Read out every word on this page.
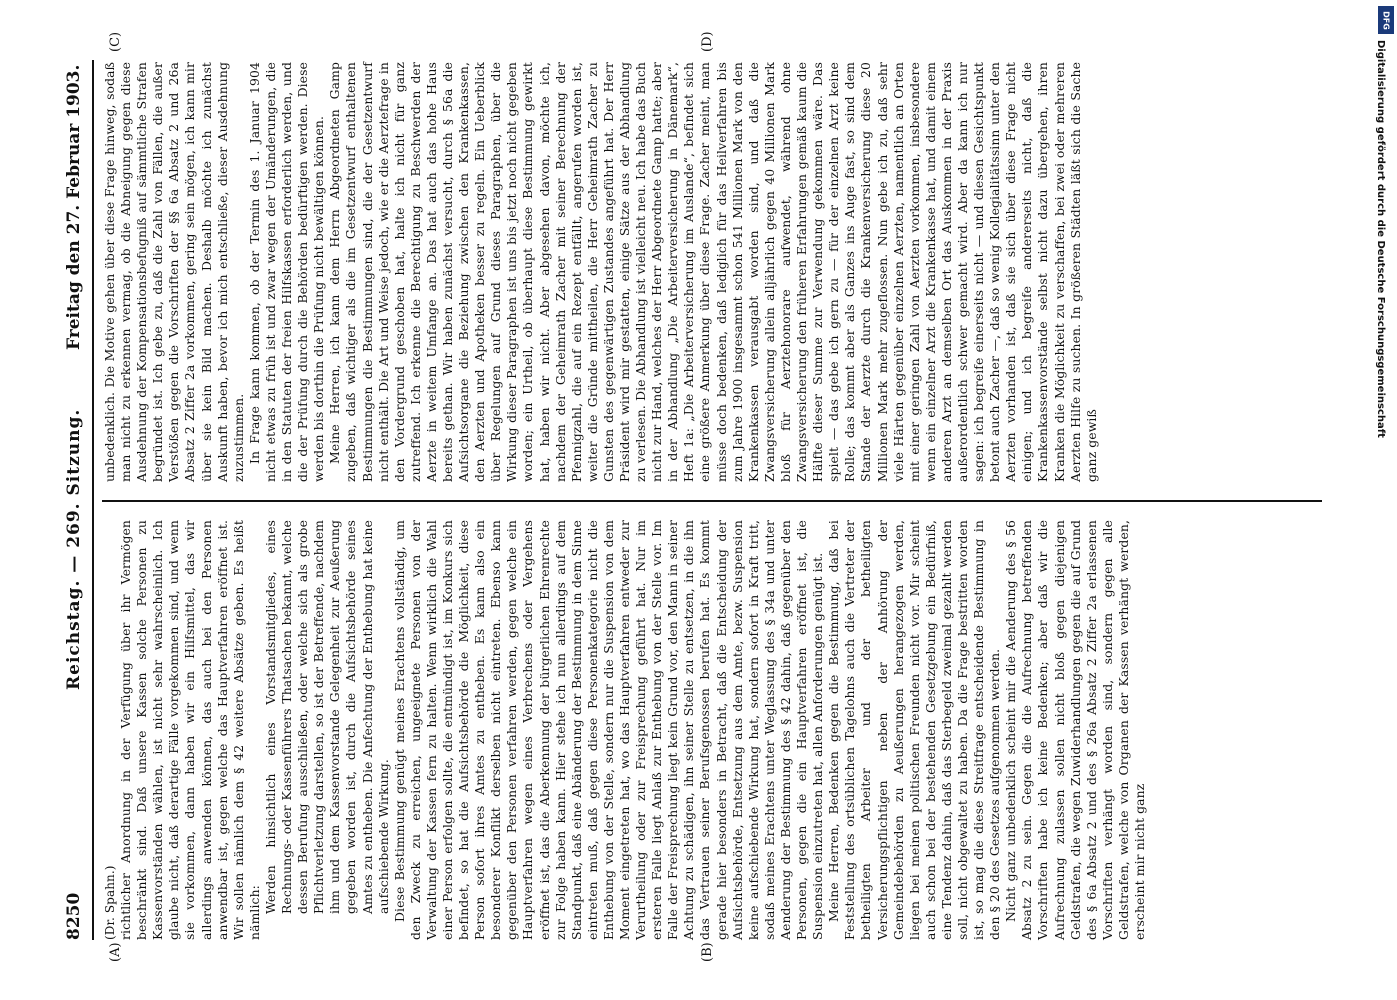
8250
Reichstag. — 269. Sitzung.
Freitag den 27. Februar 1903.
(A)	(B)
(C)	(D)

(Dr. Spahn.) richtlicher Anordnung in der Verfügung über ihr Vermögen beschränkt sind. Daß unsere Kassen solche Personen zu Kassenvorständen wählen, ist nicht sehr wahrscheinlich. Ich glaube nicht, daß derartige Fälle vorgekommen sind, und wenn sie vorkommen, dann haben wir ein Hilfsmittel, das wir allerdings anwenden können, das auch bei den Personen anwendbar ist, gegen welche das Hauptverfahren eröffnet ist. Wir sollen nämlich dem § 42 weitere Absätze geben. Es heißt nämlich: Werden hinsichtlich eines Vorstandsmitgliedes, eines Rechnungs- oder Kassenführers Thatsachen bekannt, welche dessen Berufung ausschließen, oder welche sich als grobe Pflichtverletzung darstellen, so ist der Betreffende, nachdem ihm und dem Kassenvorstande Gelegenheit zur Aeußerung gegeben worden ist, durch die Aufsichtsbehörde seines Amtes zu entheben. Die Anfechtung der Enthebung hat keine aufschiebende Wirkung. Diese Bestimmung genügt meines Erachtens vollständig, um den Zweck zu erreichen, ungeeignete Personen von der Verwaltung der Kassen fern zu halten. Wenn wirklich die Wahl einer Person erfolgen sollte, die entmündigt ist, im Konkurs sich befindet, so hat die Aufsichtsbehörde die Möglichkeit, diese Person sofort ihres Amtes zu entheben. Es kann also ein besonderer Konflikt derselben nicht eintreten. Ebenso kann gegenüber den Personen verfahren werden, gegen welche ein Hauptverfahren wegen eines Verbrechens oder Vergehens eröffnet ist, das die Aberkennung der bürgerlichen Ehrenrechte zur Folge haben kann. Hier stehe ich nun allerdings auf dem Standpunkt, daß eine Abänderung der Bestimmung in dem Sinne eintreten muß, daß gegen diese Personenkategorie nicht die Enthebung von der Stelle, sondern nur die Suspension von dem Moment eingetreten hat, wo das Hauptverfahren entweder zur Verurtheilung oder zur Freisprechung geführt hat. Nur im ersteren Falle liegt Anlaß zur Enthebung von der Stelle vor. Im Falle der Freisprechung liegt kein Grund vor, den Mann in seiner Achtung zu schädigen, ihn seiner Stelle zu entsetzen, in die ihn das Vertrauen seiner Berufsgenossen berufen hat. Es kommt gerade hier besonders in Betracht, daß die Entscheidung der Aufsichtsbehörde, Entsetzung aus dem Amte, bezw. Suspension keine aufschiebende Wirkung hat, sondern sofort in Kraft tritt, sodaß meines Erachtens unter Weglassung des § 34a und unter Aenderung der Bestimmung des § 42 dahin, daß gegenüber den Personen, gegen die ein Hauptverfahren eröffnet ist, die Suspension einzutreten hat, allen Anforderungen genügt ist. Meine Herren, Bedenken gegen die Bestimmung, daß bei Feststellung des ortsüblichen Tagelohns auch die Vertreter der betheiligten Arbeiter und der betheiligten Versicherungspflichtigen neben der Anhörung der Gemeindebehörden zu Aeußerungen herangezogen werden, liegen bei meinen politischen Freunden nicht vor. Mir scheint auch schon bei der bestehenden Gesetzgebung ein Bedürfniß, eine Tendenz dahin, daß das Sterbegeld zweimal gezahlt werden soll, nicht obgewaltet zu haben. Da die Frage bestritten worden ist, so mag die diese Streitfrage entscheidende Bestimmung in den § 20 des Gesetzes aufgenommen werden. Nicht ganz unbedenklich scheint mir die Aenderung des § 56 Absatz 2 zu sein. Gegen die die Aufrechnung betreffenden Vorschriften habe ich keine Bedenken; aber daß wir die Aufrechnung zulassen sollen nicht bloß gegen diejenigen Geldstrafen, die wegen Zuwiderhandlungen gegen die auf Grund des § 6a Absatz 2 und des § 26a Absatz 2 Ziffer 2a erlassenen Vorschriften verhängt worden sind, sondern gegen alle Geldstrafen, welche von Organen der Kassen verhängt werden, erscheint mir nicht ganz

unbedenklich. Die Motive gehen über diese Frage hinweg, sodaß man nicht zu erkennen vermag, ob die Abneigung gegen diese Ausdehnung der Kompensationsbefugniß auf sämmtliche Strafen begründet ist. Ich gebe zu, daß die Zahl von Fällen, die außer Verstößen gegen die Vorschriften der §§ 6a Absatz 2 und 26a Absatz 2 Ziffer 2a vorkommen, gering sein mögen, ich kann mir über sie kein Bild machen. Deshalb möchte ich zunächst Auskunft haben, bevor ich mich entschließe, dieser Ausdehnung zuzustimmen. In Frage kann kommen, ob der Termin des 1. Januar 1904 nicht etwas zu früh ist und zwar wegen der Umänderungen, die in den Statuten der freien Hilfskassen erforderlich werden, und die der Prüfung durch die Behörden bedürftigen werden. Diese werden bis dorthin die Prüfung nicht bewältigen können. Meine Herren, ich kann dem Herrn Abgeordneten Gamp zugeben, daß wichtiger als die im Gesetzentwurf enthaltenen Bestimmungen die Bestimmungen sind, die der Gesetzentwurf nicht enthält. Die Art und Weise jedoch, wie er die Aerztefrage in den Vordergrund geschoben hat, halte ich nicht für ganz zutreffend. Ich erkenne die Berechtigung zu Beschwerden der Aerzte in weitem Umfange an. Das hat auch das hohe Haus bereits gethan. Wir haben zunächst versucht, durch § 56a die Aufsichtsorgane die Beziehung zwischen den Krankenkassen, den Aerzten und Apotheken besser zu regeln. Ein Ueberblick über Regelungen auf Grund dieses Paragraphen, über die Wirkung dieser Paragraphen ist uns bis jetzt noch nicht gegeben worden; ein Urtheil, ob überhaupt diese Bestimmung gewirkt hat, haben wir nicht. Aber abgesehen davon, möchte ich, nachdem der Geheimrath Zacher mit seiner Berechnung der Pfennigzahl, die auf ein Rezept entfällt, angerufen worden ist, weiter die Gründe mittheilen, die Herr Geheimrath Zacher zu Gunsten des gegenwärtigen Zustandes angeführt hat. Der Herr Präsident wird mir gestatten, einige Sätze aus der Abhandlung zu verlesen. Die Abhandlung ist vielleicht neu. Ich habe das Buch nicht zur Hand, welches der Herr Abgeordnete Gamp hatte; aber in der Abhandlung „Die Arbeiterversicherung in Dänemark“, Heft 1a: „Die Arbeiterversicherung im Auslande“, befindet sich eine größere Anmerkung über diese Frage. Zacher meint, man müsse doch bedenken, daß lediglich für das Heilverfahren bis zum Jahre 1900 insgesammt schon 541 Millionen Mark von den Krankenkassen verausgabt worden sind, und daß die Zwangsversicherung allein alljährlich gegen 40 Millionen Mark bloß für Aerztehonorare aufwendet, während ohne Zwangsversicherung den früheren Erfahrungen gemäß kaum die Hälfte dieser Summe zur Verwendung gekommen wäre. Das spielt — das gebe ich gern zu — für der einzelnen Arzt keine Rolle; das kommt aber als Ganzes ins Auge fast, so sind dem Stande der Aerzte durch die Krankenversicherung diese 20 Millionen Mark mehr zugeflossen. Nun gebe ich zu, daß sehr viele Härten gegenüber einzelnen Aerzten, namentlich an Orten mit einer geringen Zahl von Aerzten vorkommen, insbesondere wenn ein einzelner Arzt die Krankenkasse hat, und damit einem anderen Arzt an demselben Ort das Auskommen in der Praxis außerordentlich schwer gemacht wird. Aber da kann ich nur sagen: ich begreife einerseits nicht — und diesen Gesichtspunkt betont auch Zacher —, daß so wenig Kollegialitätssinn unter den Aerzten vorhanden ist, daß sie sich über diese Frage nicht einigen; und ich begreife andererseits nicht, daß die Krankenkassenvorstände selbst nicht dazu übergehen, ihren Kranken die Möglichkeit zu verschaffen, bei zwei oder mehreren Aerzten Hilfe zu suchen. In größeren Städten läßt sich die Sache ganz gewiß

DFG
Digitalisierung gefördert durch die Deutsche Forschungsgemeinschaft
